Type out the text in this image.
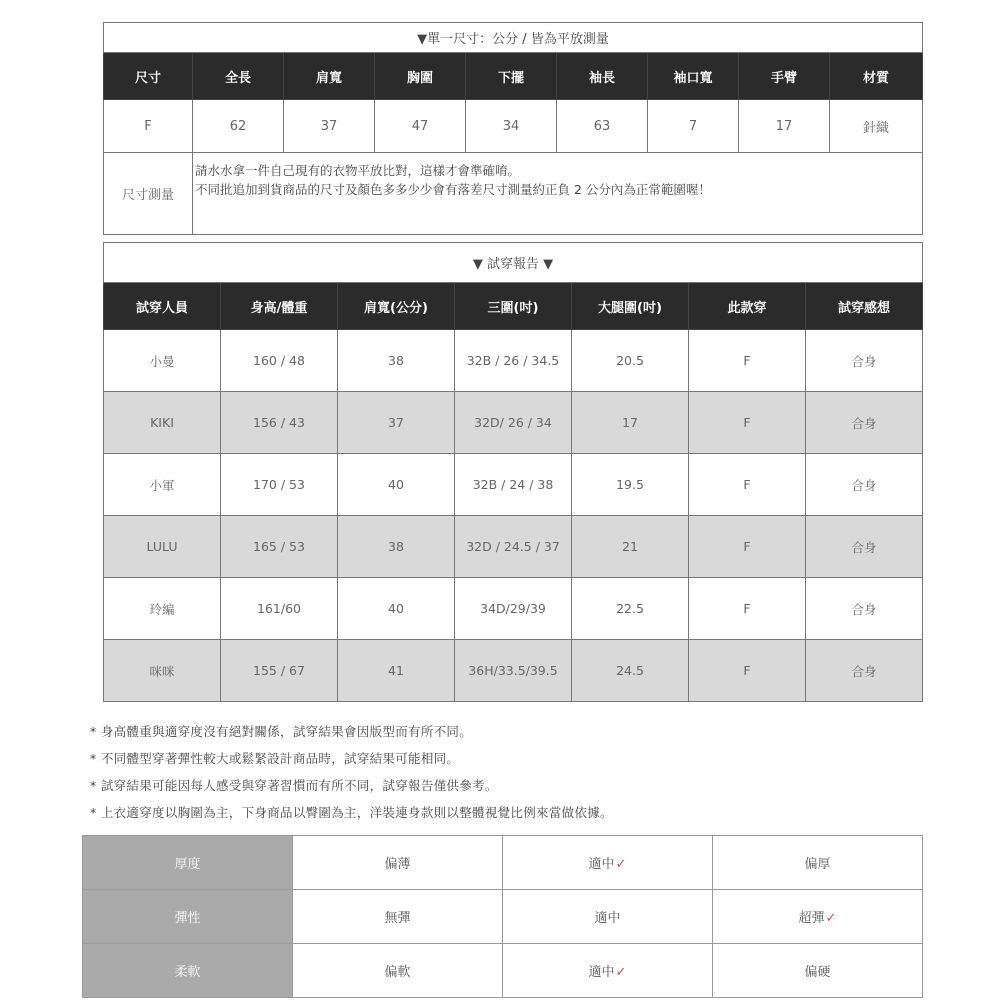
▼單一尺寸：公分 / 皆為平放測量								
尺寸	全長	肩寬	胸圍	下擺	袖長	袖口寬	手臂	材質
F	62	37	47	34	63	7	17	針織
尺寸測量	請水水拿一件自己現有的衣物平放比對，這樣才會準確唷。
不同批追加到貨商品的尺寸及顏色多多少少會有落差尺寸測量約正負 2 公分內為正常範圍喔！							
▼ 試穿報告 ▼						
試穿人員	身高/體重	肩寬(公分)	三圍(吋)	大腿圍(吋)	此款穿	試穿感想
小曼	160 / 48	38	32B / 26 / 34.5	20.5	F	合身
KIKI	156 / 43	37	32D/ 26 / 34	17	F	合身
小軍	170 / 53	40	32B / 24 / 38	19.5	F	合身
LULU	165 / 53	38	32D / 24.5 / 37	21	F	合身
玲編	161/60	40	34D/29/39	22.5	F	合身
咪咪	155 / 67	41	36H/33.5/39.5	24.5	F	合身
* 身高體重與適穿度沒有絕對關係，試穿結果會因版型而有所不同。
* 不同體型穿著彈性較大或鬆緊設計商品時，試穿結果可能相同。
* 試穿結果可能因每人感受與穿著習慣而有所不同，試穿報告僅供參考。
* 上衣適穿度以胸圍為主，下身商品以臀圍為主，洋裝連身款則以整體視覺比例來當做依據。
厚度	偏薄	適中✓	偏厚
彈性	無彈	適中	超彈✓
柔軟	偏軟	適中✓	偏硬
